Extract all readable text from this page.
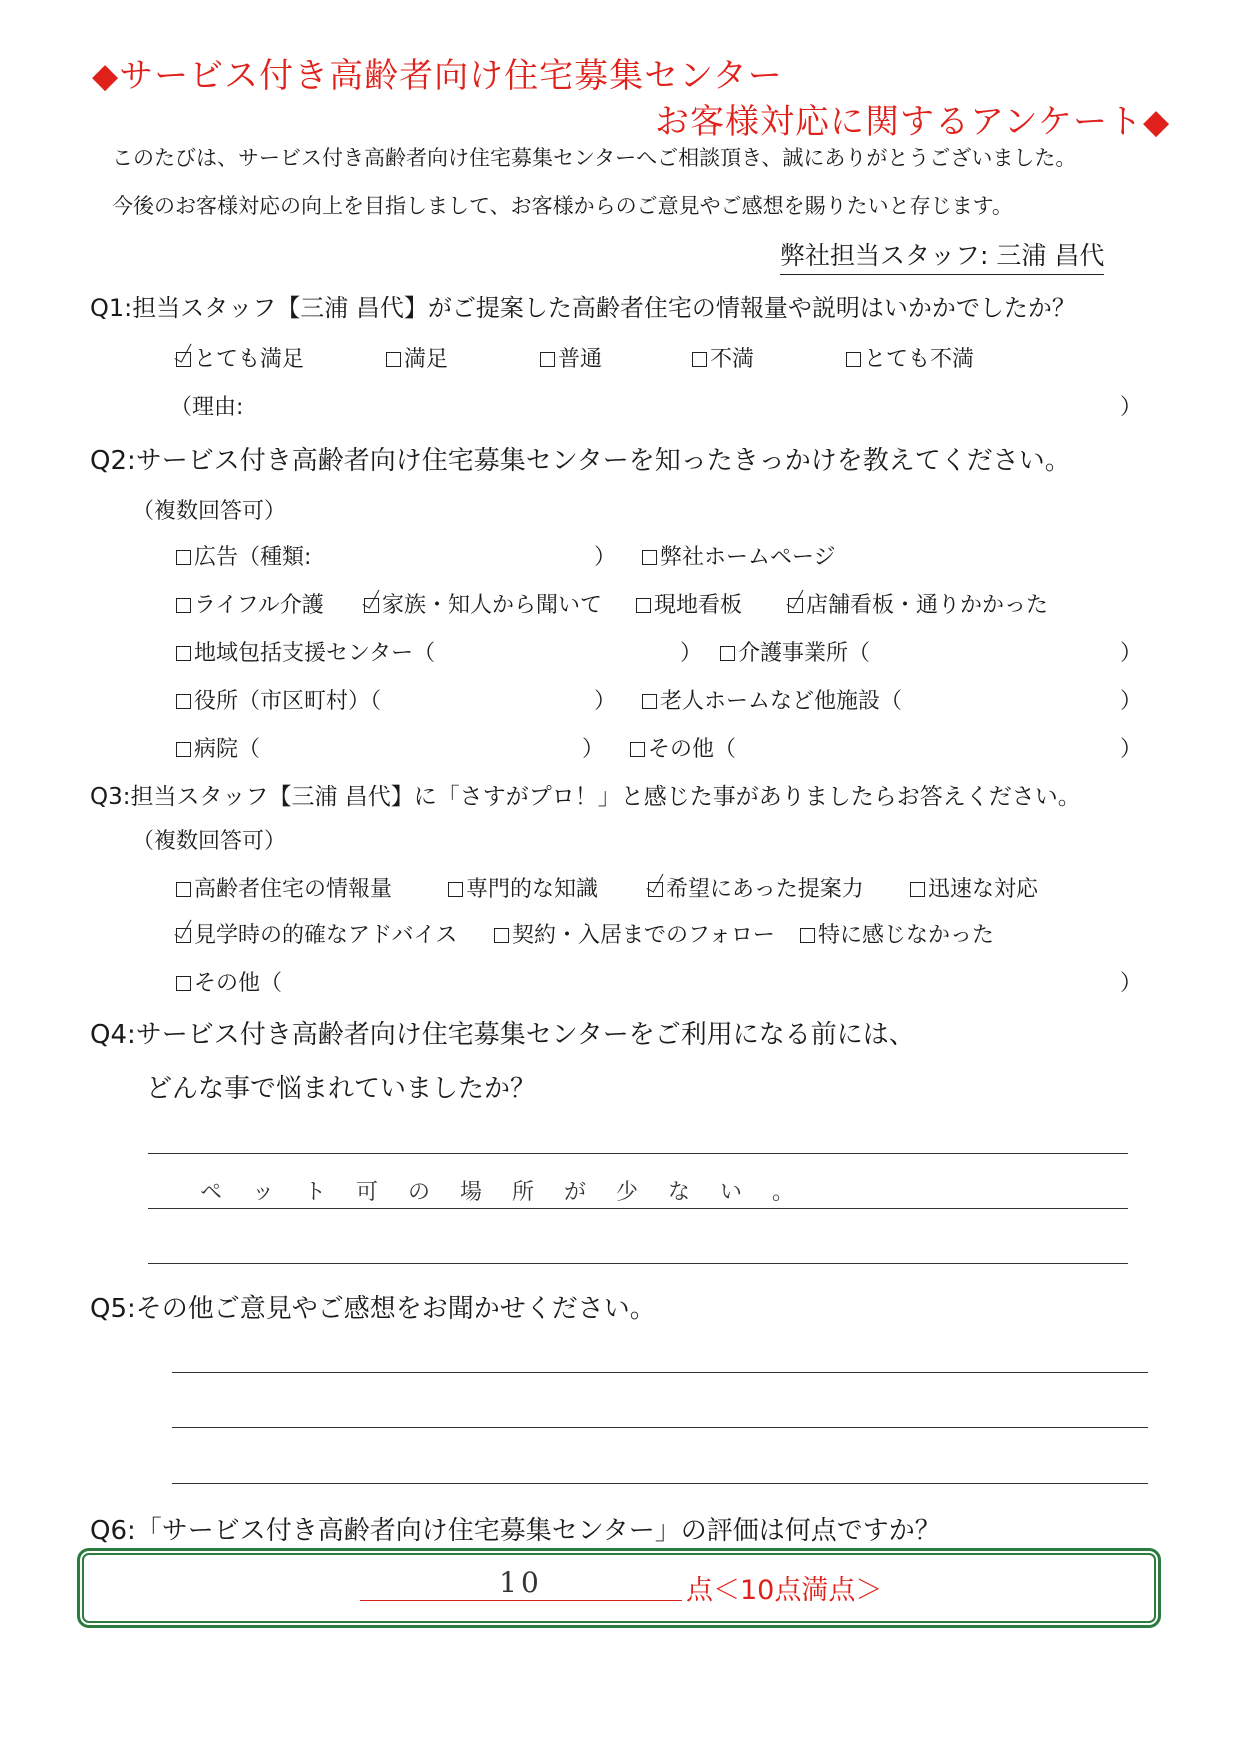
◆サービス付き高齢者向け住宅募集センター
お客様対応に関するアンケート◆
このたびは、サービス付き高齢者向け住宅募集センターへご相談頂き、誠にありがとうございました。
今後のお客様対応の向上を目指しまして、お客様からのご意見やご感想を賜りたいと存じます。
弊社担当スタッフ: 三浦 昌代
Q1:担当スタッフ【三浦 昌代】がご提案した高齢者住宅の情報量や説明はいかかでしたか？
とても満足	満足	普通	不満	とても不満
（理由:	）
Q2:サービス付き高齢者向け住宅募集センターを知ったきっかけを教えてください。
（複数回答可）
広告（種類:	）	弊社ホームページ
ライフル介護	家族・知人から聞いて	現地看板	店舗看板・通りかかった
地域包括支援センター（	）	介護事業所（	）
役所（市区町村）（	）	老人ホームなど他施設（	）
病院（	）	その他（	）
Q3:担当スタッフ【三浦 昌代】に「さすがプロ！」と感じた事がありましたらお答えください。
（複数回答可）
高齢者住宅の情報量	専門的な知識	希望にあった提案力	迅速な対応
見学時の的確なアドバイス	契約・入居までのフォロー	特に感じなかった
その他（	）
Q4:サービス付き高齢者向け住宅募集センターをご利用になる前には、
どんな事で悩まれていましたか？
ペット可の場所が少ない。
Q5:その他ご意見やご感想をお聞かせください。
Q6:「サービス付き高齢者向け住宅募集センター」の評価は何点ですか？
10	点＜10点満点＞
